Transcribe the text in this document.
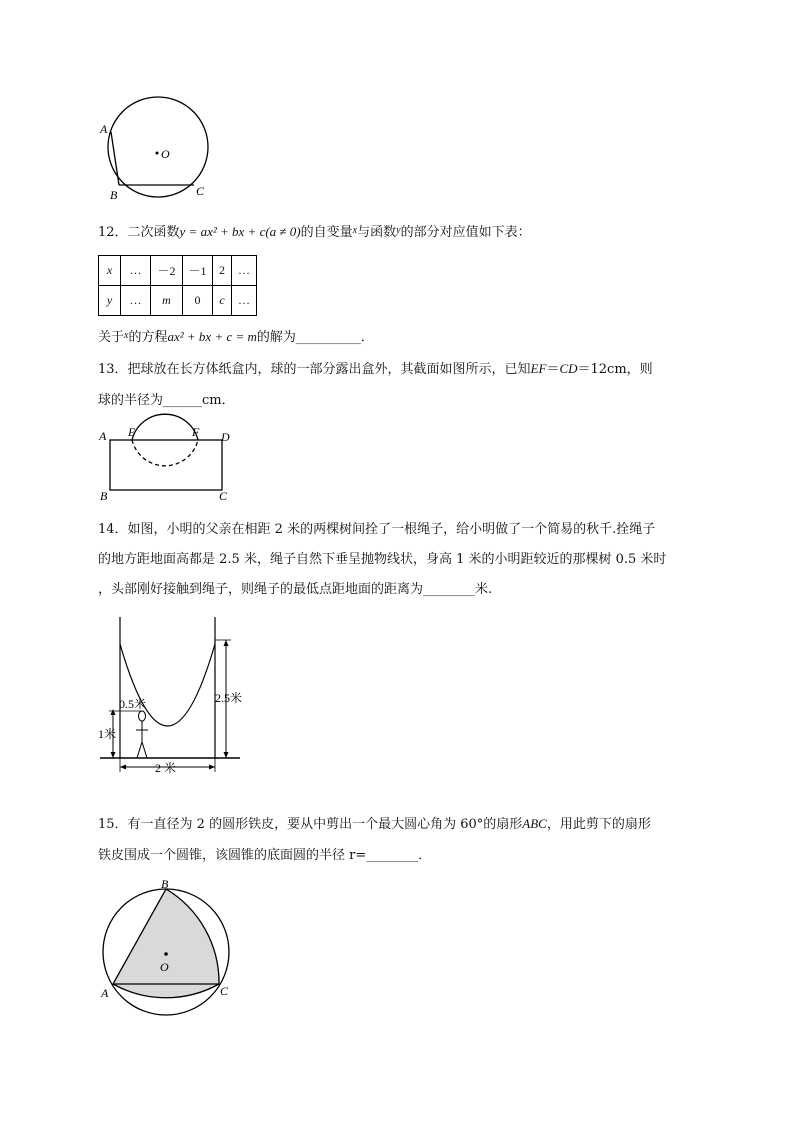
A
B	C
O
12．二次函数y = ax² + bx + c(a ≠ 0)的自变量$^x$与函数$^y$的部分对应值如下表：
x	…	－2	－1	2	…
y	…	m	0	c	…
关于$^x$的方程ax² + bx + c = m的解为__________．
13．把球放在长方体纸盒内，球的一部分露出盒外，其截面如图所示，已知EF＝CD＝12cm，则
球的半径为______cm．
A E	F D
B	C
14．如图，小明的父亲在相距 2 米的两棵树间拴了一根绳子，给小明做了一个简易的秋千.拴绳子
的地方距地面高都是 2.5 米，绳子自然下垂呈抛物线状，身高 1 米的小明距较近的那棵树 0.5 米时
，头部刚好接触到绳子，则绳子的最低点距地面的距离为________米.
0.5米
1米
2.5米
2 米
15．有一直径为 2 的圆形铁皮，要从中剪出一个最大圆心角为 60°的扇形ABC，用此剪下的扇形
铁皮围成一个圆锥，该圆锥的底面圆的半径 r=________．
B
A	C
O
